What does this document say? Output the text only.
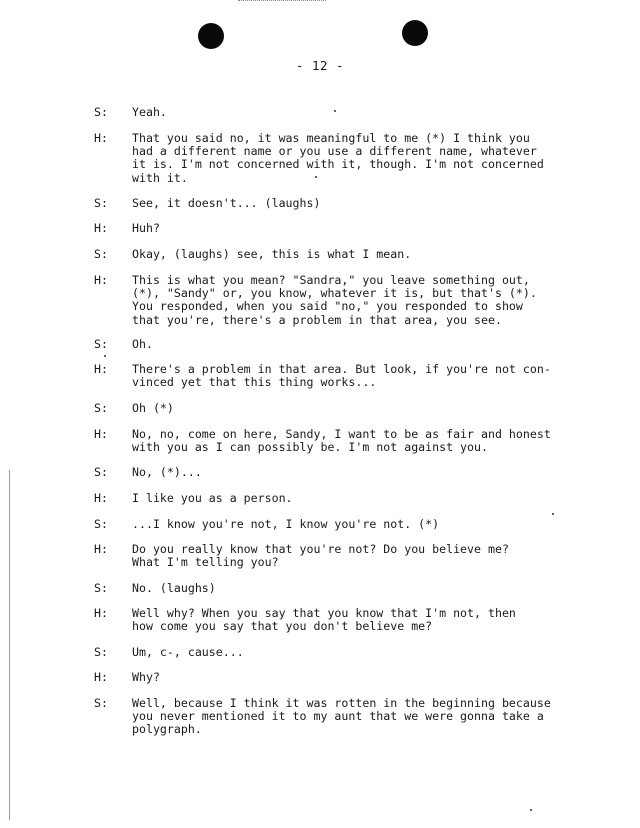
- 12 -
S:	Yeah.
H:	That you said no, it was meaningful to me (*) I think you
had a different name or you use a different name, whatever
it is. I'm not concerned with it, though. I'm not concerned
with it.
S:	See, it doesn't... (laughs)
H:	Huh?
S:	Okay, (laughs) see, this is what I mean.
H:	This is what you mean? "Sandra," you leave something out,
(*), "Sandy" or, you know, whatever it is, but that's (*).
You responded, when you said "no," you responded to show
that you're, there's a problem in that area, you see.
S:	Oh.
H:	There's a problem in that area. But look, if you're not con-
vinced yet that this thing works...
S:	Oh (*)
H:	No, no, come on here, Sandy, I want to be as fair and honest
with you as I can possibly be. I'm not against you.
S:	No, (*)...
H:	I like you as a person.
S:	...I know you're not, I know you're not. (*)
H:	Do you really know that you're not? Do you believe me?
What I'm telling you?
S:	No. (laughs)
H:	Well why? When you say that you know that I'm not, then
how come you say that you don't believe me?
S:	Um, c-, cause...
H:	Why?
S:	Well, because I think it was rotten in the beginning because
you never mentioned it to my aunt that we were gonna take a
polygraph.
